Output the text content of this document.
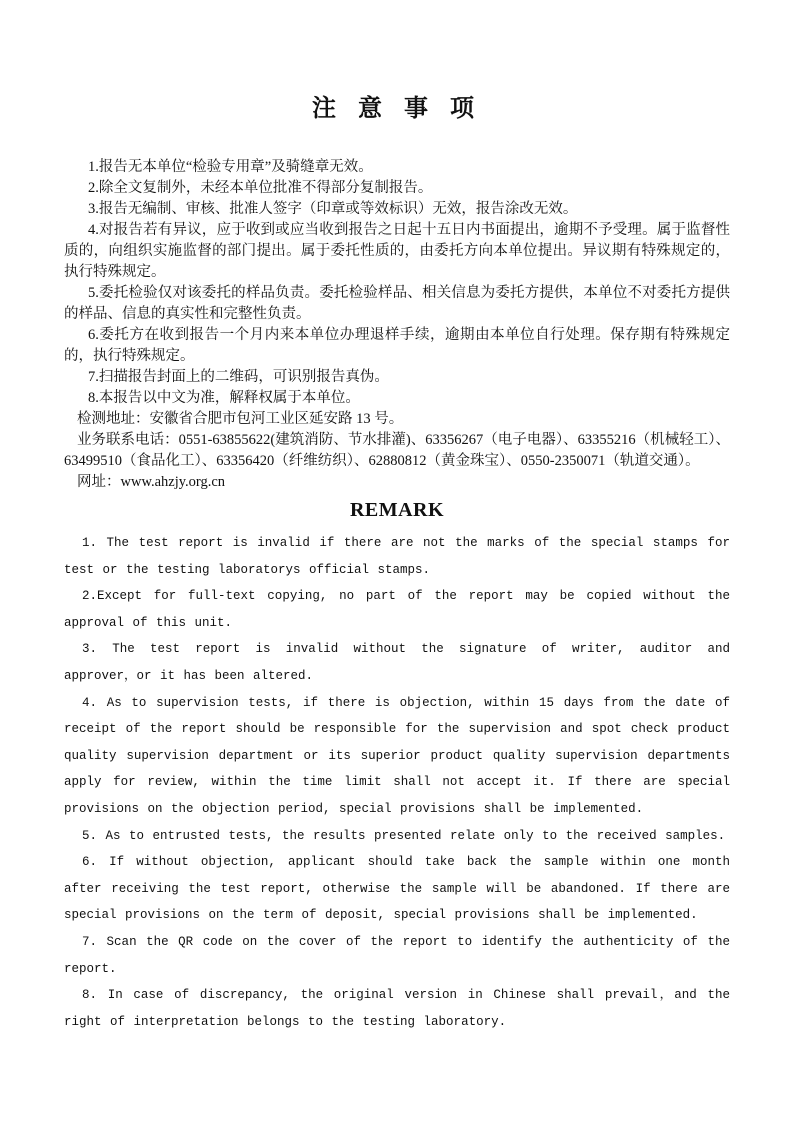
注 意 事 项

1.报告无本单位“检验专用章”及骑缝章无效。

2.除全文复制外，未经本单位批准不得部分复制报告。

3.报告无编制、审核、批准人签字（印章或等效标识）无效，报告涂改无效。

4.对报告若有异议，应于收到或应当收到报告之日起十五日内书面提出，逾期不予受理。属于监督性质的，向组织实施监督的部门提出。属于委托性质的，由委托方向本单位提出。异议期有特殊规定的，执行特殊规定。

5.委托检验仅对该委托的样品负责。委托检验样品、相关信息为委托方提供，本单位不对委托方提供的样品、信息的真实性和完整性负责。

6.委托方在收到报告一个月内来本单位办理退样手续，逾期由本单位自行处理。保存期有特殊规定的，执行特殊规定。

7.扫描报告封面上的二维码，可识别报告真伪。

8.本报告以中文为准，解释权属于本单位。

检测地址：安徽省合肥市包河工业区延安路 13 号。

业务联系电话：0551-63855622(建筑消防、节水排灌)、63356267（电子电器）、63355216（机械轻工）、63499510（食品化工）、63356420（纤维纺织）、62880812（黄金珠宝）、0550-2350071（轨道交通）。

网址：www.ahzjy.org.cn

REMARK

1. The test report is invalid if there are not the marks of the special stamps for test or the testing laboratorys official stamps.

2.Except for full-text copying, no part of the report may be copied without the approval of this unit.

3. The test report is invalid without the signature of writer, auditor and approver，or it has been altered.

4. As to supervision tests, if there is objection, within 15 days from the date of receipt of the report should be responsible for the supervision and spot check product quality supervision department or its superior product quality supervision departments apply for review, within the time limit shall not accept it. If there are special provisions on the objection period, special provisions shall be implemented.

5. As to entrusted tests, the results presented relate only to the received samples.

6. If without objection, applicant should take back the sample within one month after receiving the test report, otherwise the sample will be abandoned. If there are special provisions on the term of deposit, special provisions shall be implemented.

7. Scan the QR code on the cover of the report to identify the authenticity of the report.

8. In case of discrepancy, the original version in Chinese shall prevail，and the right of interpretation belongs to the testing laboratory.
